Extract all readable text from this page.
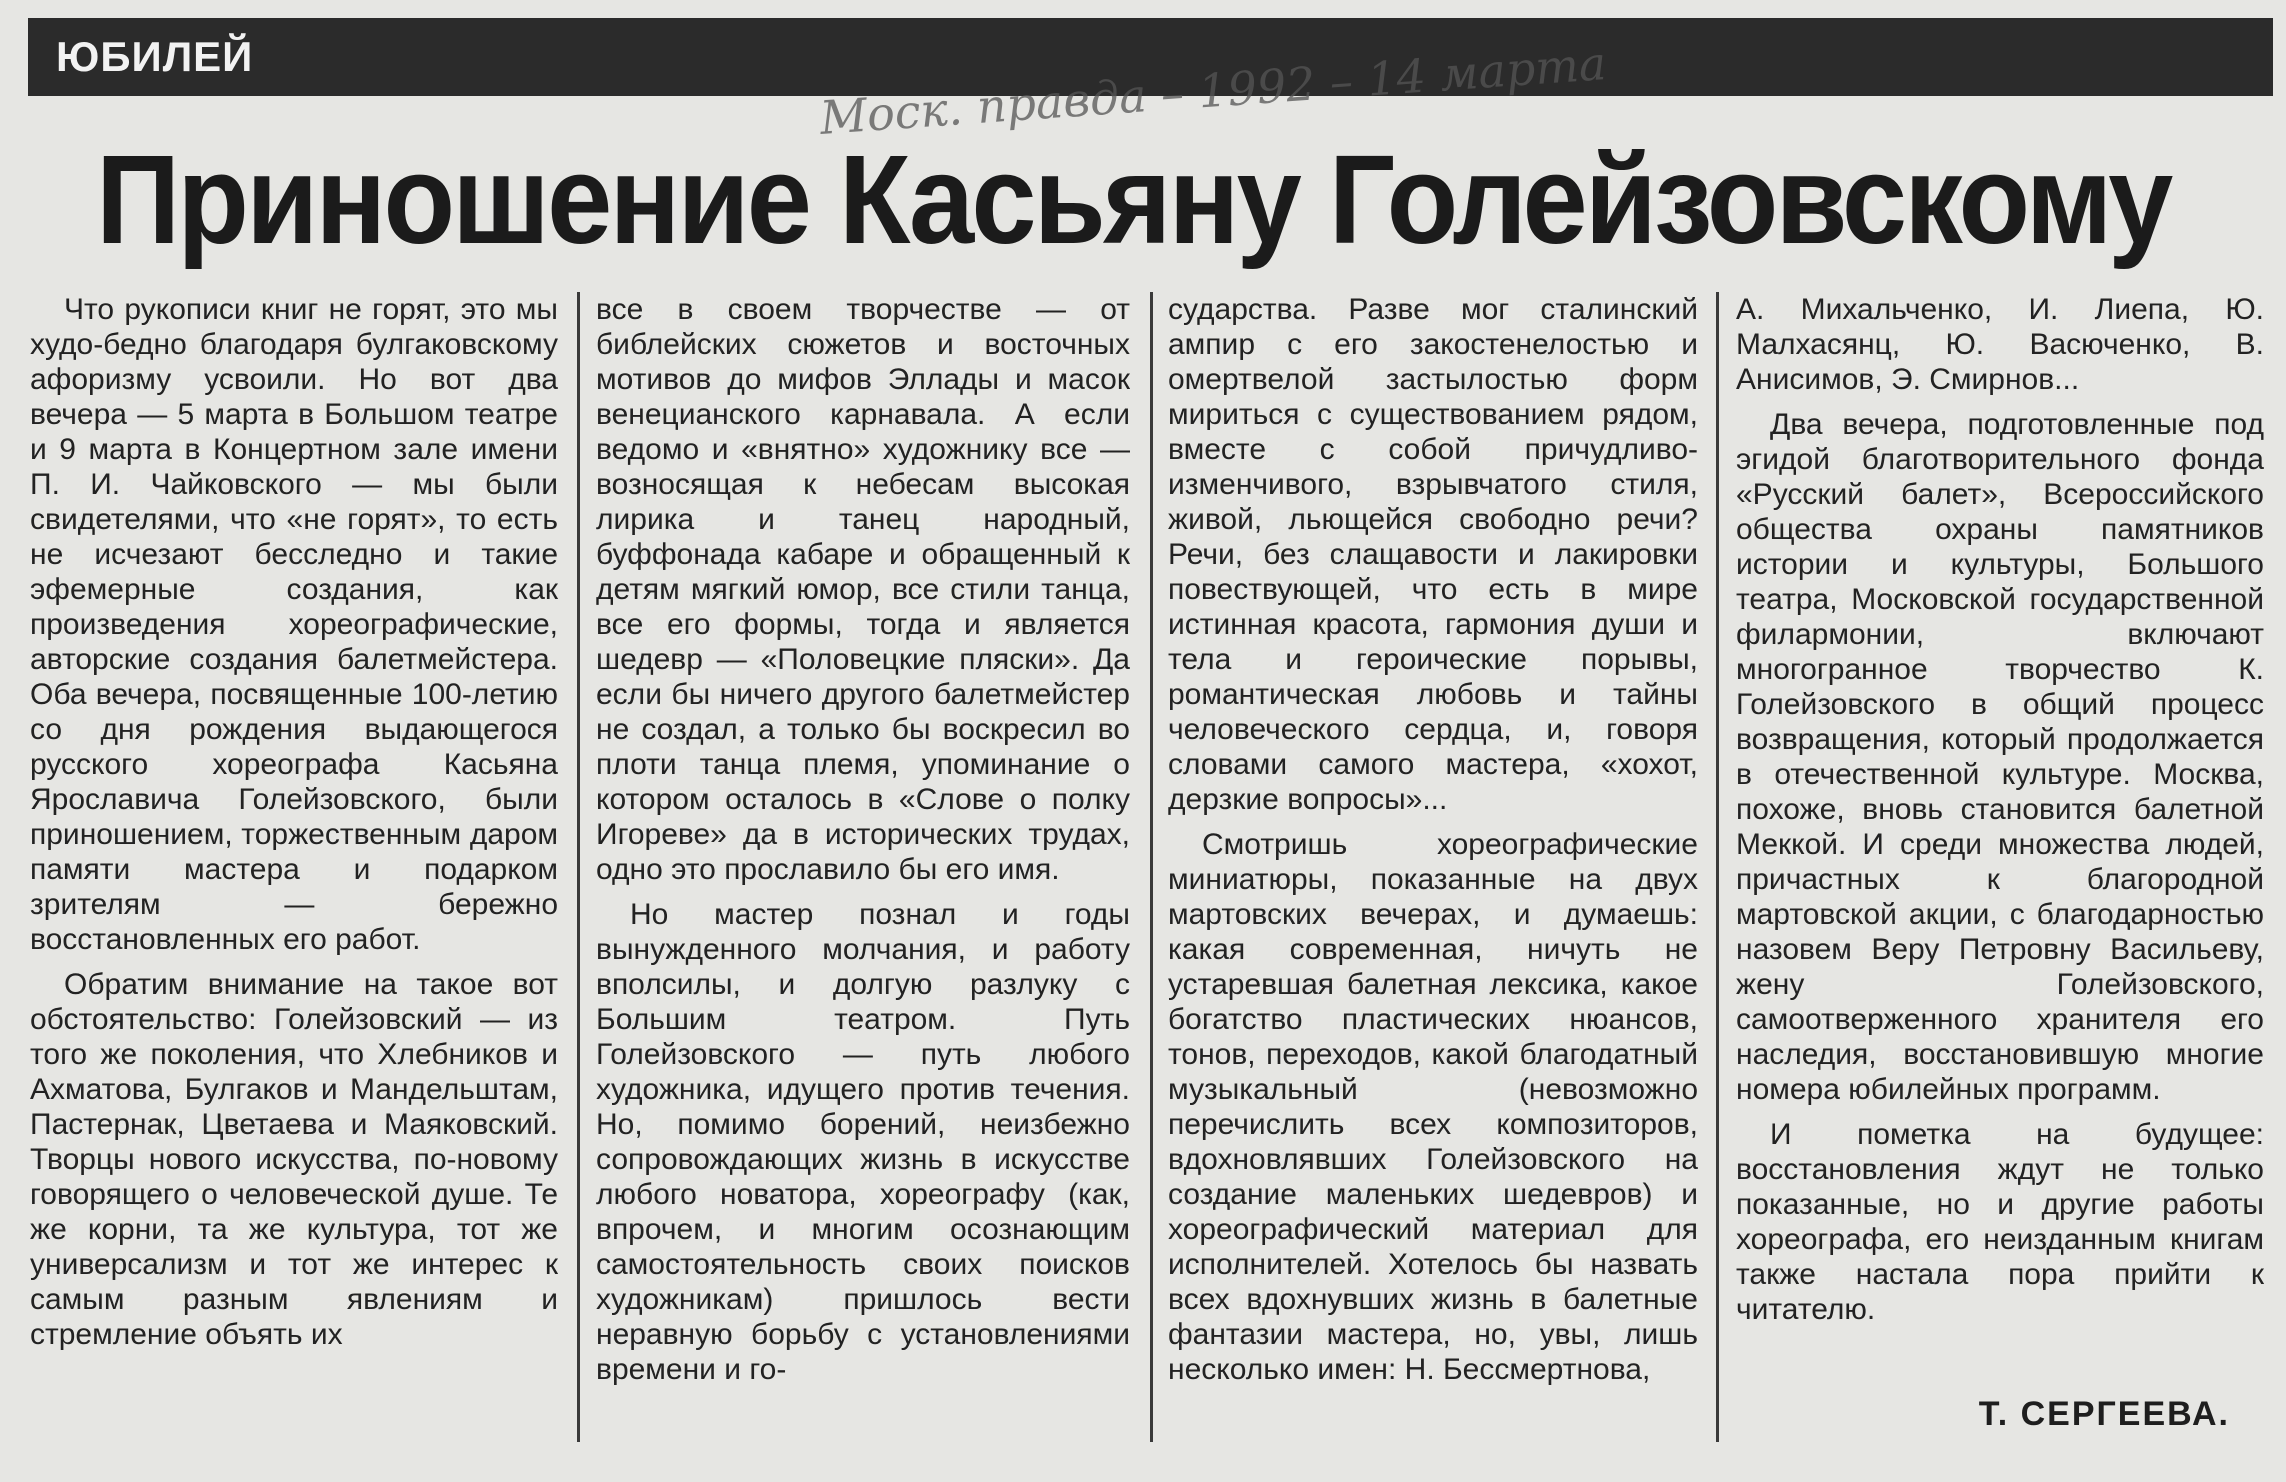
ЮБИЛЕЙ	Моск. правда – 1992 – 14 марта
Приношение Касьяну Голейзовскому

Что рукописи книг не горят, это мы худо-бедно благодаря булгаковскому афоризму усвоили. Но вот два вечера — 5 марта в Большом театре и 9 марта в Концертном зале имени П. И. Чайковского — мы были свидетелями, что «не горят», то есть не исчезают бесследно и такие эфемерные создания, как произведения хореографические, авторские создания балетмейстера. Оба вечера, посвященные 100-летию со дня рождения выдающегося русского хореографа Касьяна Ярославича Голейзовского, были приношением, торжественным даром памяти мастера и подарком зрителям — бережно восстановленных его работ.

Обратим внимание на такое вот обстоятельство: Голейзовский — из того же поколения, что Хлебников и Ахматова, Булгаков и Мандельштам, Пастернак, Цветаева и Маяковский. Творцы нового искусства, по-новому говорящего о человеческой душе. Те же корни, та же культура, тот же универсализм и тот же интерес к самым разным явлениям и стремление объять их

все в своем творчестве — от библейских сюжетов и восточных мотивов до мифов Эллады и масок венецианского карнавала. А если ведомо и «внятно» художнику все — возносящая к небесам высокая лирика и танец народный, буффонада кабаре и обращенный к детям мягкий юмор, все стили танца, все его формы, тогда и является шедевр — «Половецкие пляски». Да если бы ничего другого балетмейстер не создал, а только бы воскресил во плоти танца племя, упоминание о котором осталось в «Слове о полку Игореве» да в исторических трудах, одно это прославило бы его имя.

Но мастер познал и годы вынужденного молчания, и работу вполсилы, и долгую разлуку с Большим театром. Путь Голейзовского — путь любого художника, идущего против течения. Но, помимо борений, неизбежно сопровождающих жизнь в искусстве любого новатора, хореографу (как, впрочем, и многим осознающим самостоятельность своих поисков художникам) пришлось вести неравную борьбу с установлениями времени и го-

сударства. Разве мог сталинский ампир с его закостенелостью и омертвелой застылостью форм мириться с существованием рядом, вместе с собой причудливо-изменчивого, взрывчатого стиля, живой, льющейся свободно речи? Речи, без слащавости и лакировки повествующей, что есть в мире истинная красота, гармония души и тела и героические порывы, романтическая любовь и тайны человеческого сердца, и, говоря словами самого мастера, «хохот, дерзкие вопросы»...

Смотришь хореографические миниатюры, показанные на двух мартовских вечерах, и думаешь: какая современная, ничуть не устаревшая балетная лексика, какое богатство пластических нюансов, тонов, переходов, какой благодатный музыкальный (невозможно перечислить всех композиторов, вдохновлявших Голейзовского на создание маленьких шедевров) и хореографический материал для исполнителей. Хотелось бы назвать всех вдохнувших жизнь в балетные фантазии мастера, но, увы, лишь несколько имен: Н. Бессмертнова,

А. Михальченко, И. Лиепа, Ю. Малхасянц, Ю. Васюченко, В. Анисимов, Э. Смирнов...

Два вечера, подготовленные под эгидой благотворительного фонда «Русский балет», Всероссийского общества охраны памятников истории и культуры, Большого театра, Московской государственной филармонии, включают многогранное творчество К. Голейзовского в общий процесс возвращения, который продолжается в отечественной культуре. Москва, похоже, вновь становится балетной Меккой. И среди множества людей, причастных к благородной мартовской акции, с благодарностью назовем Веру Петровну Васильеву, жену Голейзовского, самоотверженного хранителя его наследия, восстановившую многие номера юбилейных программ.

И пометка на будущее: восстановления ждут не только показанные, но и другие работы хореографа, его неизданным книгам также настала пора прийти к читателю.

Т. СЕРГЕЕВА.
